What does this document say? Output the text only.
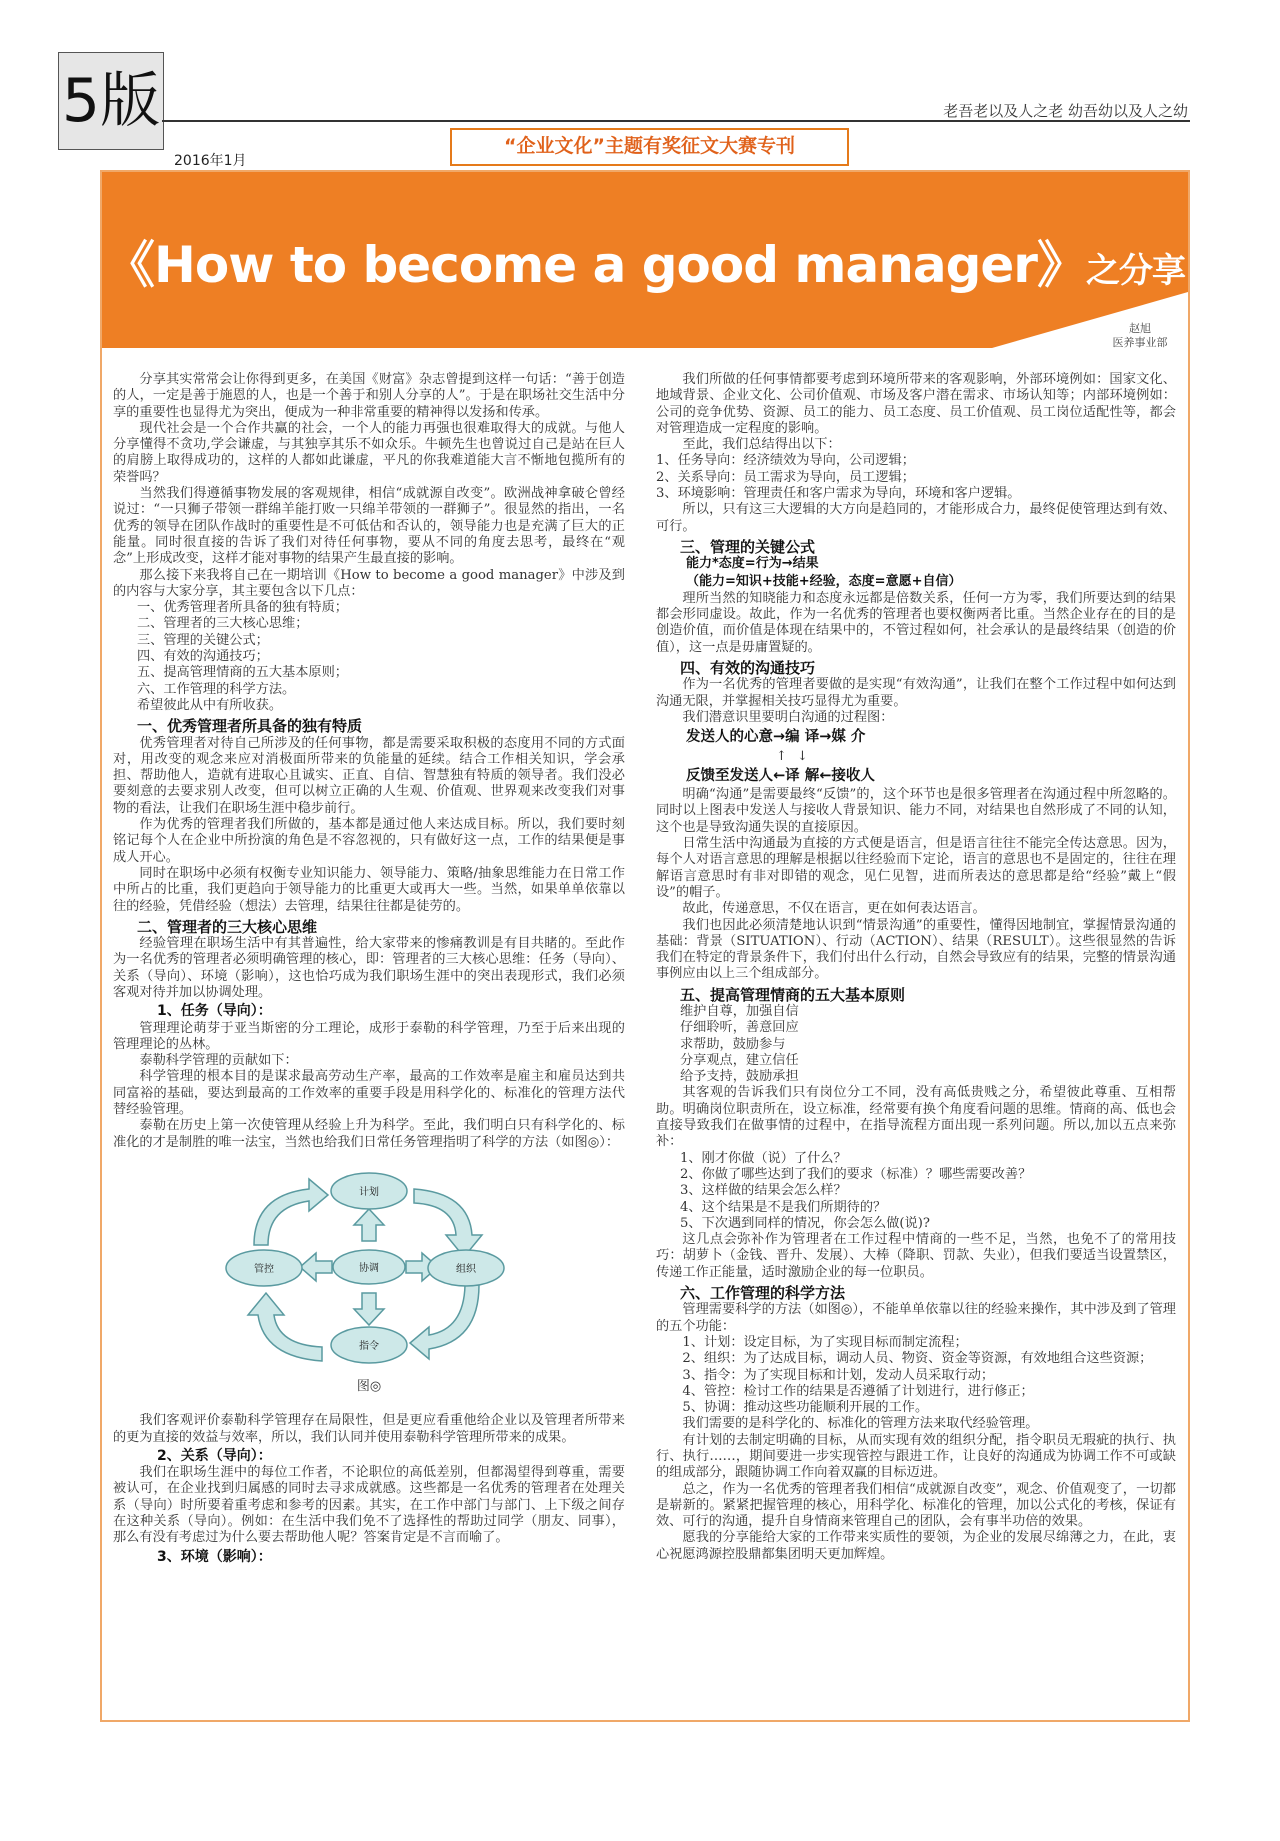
5版	老吾老以及人之老 幼吾幼以及人之幼
2016年1月
“企业文化”主题有奖征文大赛专刊
《How to become a good manager》之分享
赵旭
医养事业部

分享其实常常会让你得到更多，在美国《财富》杂志曾提到这样一句话：“善于创造的人，一定是善于施恩的人，也是一个善于和别人分享的人”。于是在职场社交生活中分享的重要性也显得尤为突出，便成为一种非常重要的精神得以发扬和传承。

现代社会是一个合作共赢的社会，一个人的能力再强也很难取得大的成就。与他人分享懂得不贪功,学会谦虚，与其独享其乐不如众乐。牛顿先生也曾说过自己是站在巨人的肩膀上取得成功的，这样的人都如此谦虚，平凡的你我难道能大言不惭地包揽所有的荣誉吗？

当然我们得遵循事物发展的客观规律，相信“成就源自改变”。欧洲战神拿破仑曾经说过：“一只狮子带领一群绵羊能打败一只绵羊带领的一群狮子”。很显然的指出，一名优秀的领导在团队作战时的重要性是不可低估和否认的，领导能力也是充满了巨大的正能量。同时很直接的告诉了我们对待任何事物，要从不同的角度去思考，最终在“观念”上形成改变，这样才能对事物的结果产生最直接的影响。

那么接下来我将自己在一期培训《How to become a good manager》中涉及到的内容与大家分享，其主要包含以下几点：

一、优秀管理者所具备的独有特质；

二、管理者的三大核心思维；

三、管理的关键公式；

四、有效的沟通技巧；

五、提高管理情商的五大基本原则；

六、工作管理的科学方法。

希望彼此从中有所收获。

一、优秀管理者所具备的独有特质

优秀管理者对待自己所涉及的任何事物，都是需要采取积极的态度用不同的方式面对，用改变的观念来应对消极面所带来的负能量的延续。结合工作相关知识，学会承担、帮助他人，造就有进取心且诚实、正直、自信、智慧独有特质的领导者。我们没必要刻意的去要求别人改变，但可以树立正确的人生观、价值观、世界观来改变我们对事物的看法，让我们在职场生涯中稳步前行。

作为优秀的管理者我们所做的，基本都是通过他人来达成目标。所以，我们要时刻铭记每个人在企业中所扮演的角色是不容忽视的，只有做好这一点，工作的结果便是事成人开心。

同时在职场中必须有权衡专业知识能力、领导能力、策略/抽象思维能力在日常工作中所占的比重，我们更趋向于领导能力的比重更大或再大一些。当然，如果单单依靠以往的经验，凭借经验（想法）去管理，结果往往都是徒劳的。

二、管理者的三大核心思维

经验管理在职场生活中有其普遍性，给大家带来的惨痛教训是有目共睹的。至此作为一名优秀的管理者必须明确管理的核心，即：管理者的三大核心思维：任务（导向）、关系（导向）、环境（影响），这也恰巧成为我们职场生涯中的突出表现形式，我们必须客观对待并加以协调处理。

1、任务（导向）：

管理理论萌芽于亚当斯密的分工理论，成形于泰勒的科学管理，乃至于后来出现的管理理论的丛林。

泰勒科学管理的贡献如下：

科学管理的根本目的是谋求最高劳动生产率，最高的工作效率是雇主和雇员达到共同富裕的基础，要达到最高的工作效率的重要手段是用科学化的、标准化的管理方法代替经验管理。

泰勒在历史上第一次使管理从经验上升为科学。至此，我们明白只有科学化的、标准化的才是制胜的唯一法宝，当然也给我们日常任务管理指明了科学的方法（如图◎）：

计划
组织
指令
管控	协调
图◎

我们客观评价泰勒科学管理存在局限性，但是更应看重他给企业以及管理者所带来的更为直接的效益与效率，所以，我们认同并使用泰勒科学管理所带来的成果。

2、关系（导向）：

我们在职场生涯中的每位工作者，不论职位的高低差别，但都渴望得到尊重，需要被认可，在企业找到归属感的同时去寻求成就感。这些都是一名优秀的管理者在处理关系（导向）时所要着重考虑和参考的因素。其实，在工作中部门与部门、上下级之间存在这种关系（导向）。例如：在生活中我们免不了选择性的帮助过同学（朋友、同事），那么有没有考虑过为什么要去帮助他人呢？答案肯定是不言而喻了。

3、环境（影响）：

我们所做的任何事情都要考虑到环境所带来的客观影响，外部环境例如：国家文化、地域背景、企业文化、公司价值观、市场及客户潜在需求、市场认知等；内部环境例如：公司的竞争优势、资源、员工的能力、员工态度、员工价值观、员工岗位适配性等，都会对管理造成一定程度的影响。

至此，我们总结得出以下：

1、任务导向：经济绩效为导向，公司逻辑；

2、关系导向：员工需求为导向，员工逻辑；

3、环境影响：管理责任和客户需求为导向，环境和客户逻辑。

所以，只有这三大逻辑的大方向是趋同的，才能形成合力，最终促使管理达到有效、可行。

三、管理的关键公式
能力*态度=行为→结果
（能力=知识+技能+经验，态度=意愿+自信）

理所当然的知晓能力和态度永远都是倍数关系，任何一方为零，我们所要达到的结果都会形同虚设。故此，作为一名优秀的管理者也要权衡两者比重。当然企业存在的目的是创造价值，而价值是体现在结果中的，不管过程如何，社会承认的是最终结果（创造的价值），这一点是毋庸置疑的。

四、有效的沟通技巧

作为一名优秀的管理者要做的是实现“有效沟通”，让我们在整个工作过程中如何达到沟通无限，并掌握相关技巧显得尤为重要。

我们潜意识里要明白沟通的过程图：

发送人的心意→编 译→媒 介
↑ ↓
反馈至发送人←译 解←接收人

明确“沟通”是需要最终“反馈”的，这个环节也是很多管理者在沟通过程中所忽略的。同时以上图表中发送人与接收人背景知识、能力不同，对结果也自然形成了不同的认知，这个也是导致沟通失误的直接原因。

日常生活中沟通最为直接的方式便是语言，但是语言往往不能完全传达意思。因为，每个人对语言意思的理解是根据以往经验而下定论，语言的意思也不是固定的，往往在理解语言意思时有非对即错的观念，见仁见智，进而所表达的意思都是给“经验”戴上“假设”的帽子。

故此，传递意思，不仅在语言，更在如何表达语言。

我们也因此必须清楚地认识到“情景沟通”的重要性，懂得因地制宜，掌握情景沟通的基础：背景（SITUATION）、行动（ACTION）、结果（RESULT）。这些很显然的告诉我们在特定的背景条件下，我们付出什么行动，自然会导致应有的结果，完整的情景沟通事例应由以上三个组成部分。

五、提高管理情商的五大基本原则

维护自尊，加强自信

仔细聆听，善意回应

求帮助，鼓励参与

分享观点，建立信任

给予支持，鼓励承担

其客观的告诉我们只有岗位分工不同，没有高低贵贱之分，希望彼此尊重、互相帮助。明确岗位职责所在，设立标准，经常要有换个角度看问题的思维。情商的高、低也会直接导致我们在做事情的过程中，在指导流程方面出现一系列问题。所以,加以五点来弥补：

1、刚才你做（说）了什么？

2、你做了哪些达到了我们的要求（标准）？哪些需要改善？

3、这样做的结果会怎么样？

4、这个结果是不是我们所期待的？

5、下次遇到同样的情况，你会怎么做(说)?

这几点会弥补作为管理者在工作过程中情商的一些不足，当然，也免不了的常用技巧：胡萝卜（金钱、晋升、发展）、大棒（降职、罚款、失业），但我们要适当设置禁区，传递工作正能量，适时激励企业的每一位职员。

六、工作管理的科学方法

管理需要科学的方法（如图◎），不能单单依靠以往的经验来操作，其中涉及到了管理的五个功能：

1、计划：设定目标，为了实现目标而制定流程；

2、组织：为了达成目标，调动人员、物资、资金等资源，有效地组合这些资源；

3、指令：为了实现目标和计划，发动人员采取行动；

4、管控：检讨工作的结果是否遵循了计划进行，进行修正；

5、协调：推动这些功能顺利开展的工作。

我们需要的是科学化的、标准化的管理方法来取代经验管理。

有计划的去制定明确的目标，从而实现有效的组织分配，指令职员无瑕疵的执行、执行、执行……，期间要进一步实现管控与跟进工作，让良好的沟通成为协调工作不可或缺的组成部分，跟随协调工作向着双赢的目标迈进。

总之，作为一名优秀的管理者我们相信“成就源自改变”，观念、价值观变了，一切都是崭新的。紧紧把握管理的核心，用科学化、标准化的管理，加以公式化的考核，保证有效、可行的沟通，提升自身情商来管理自己的团队，会有事半功倍的效果。

愿我的分享能给大家的工作带来实质性的要领，为企业的发展尽绵薄之力，在此，衷心祝愿鸿源控股鼎都集团明天更加辉煌。
